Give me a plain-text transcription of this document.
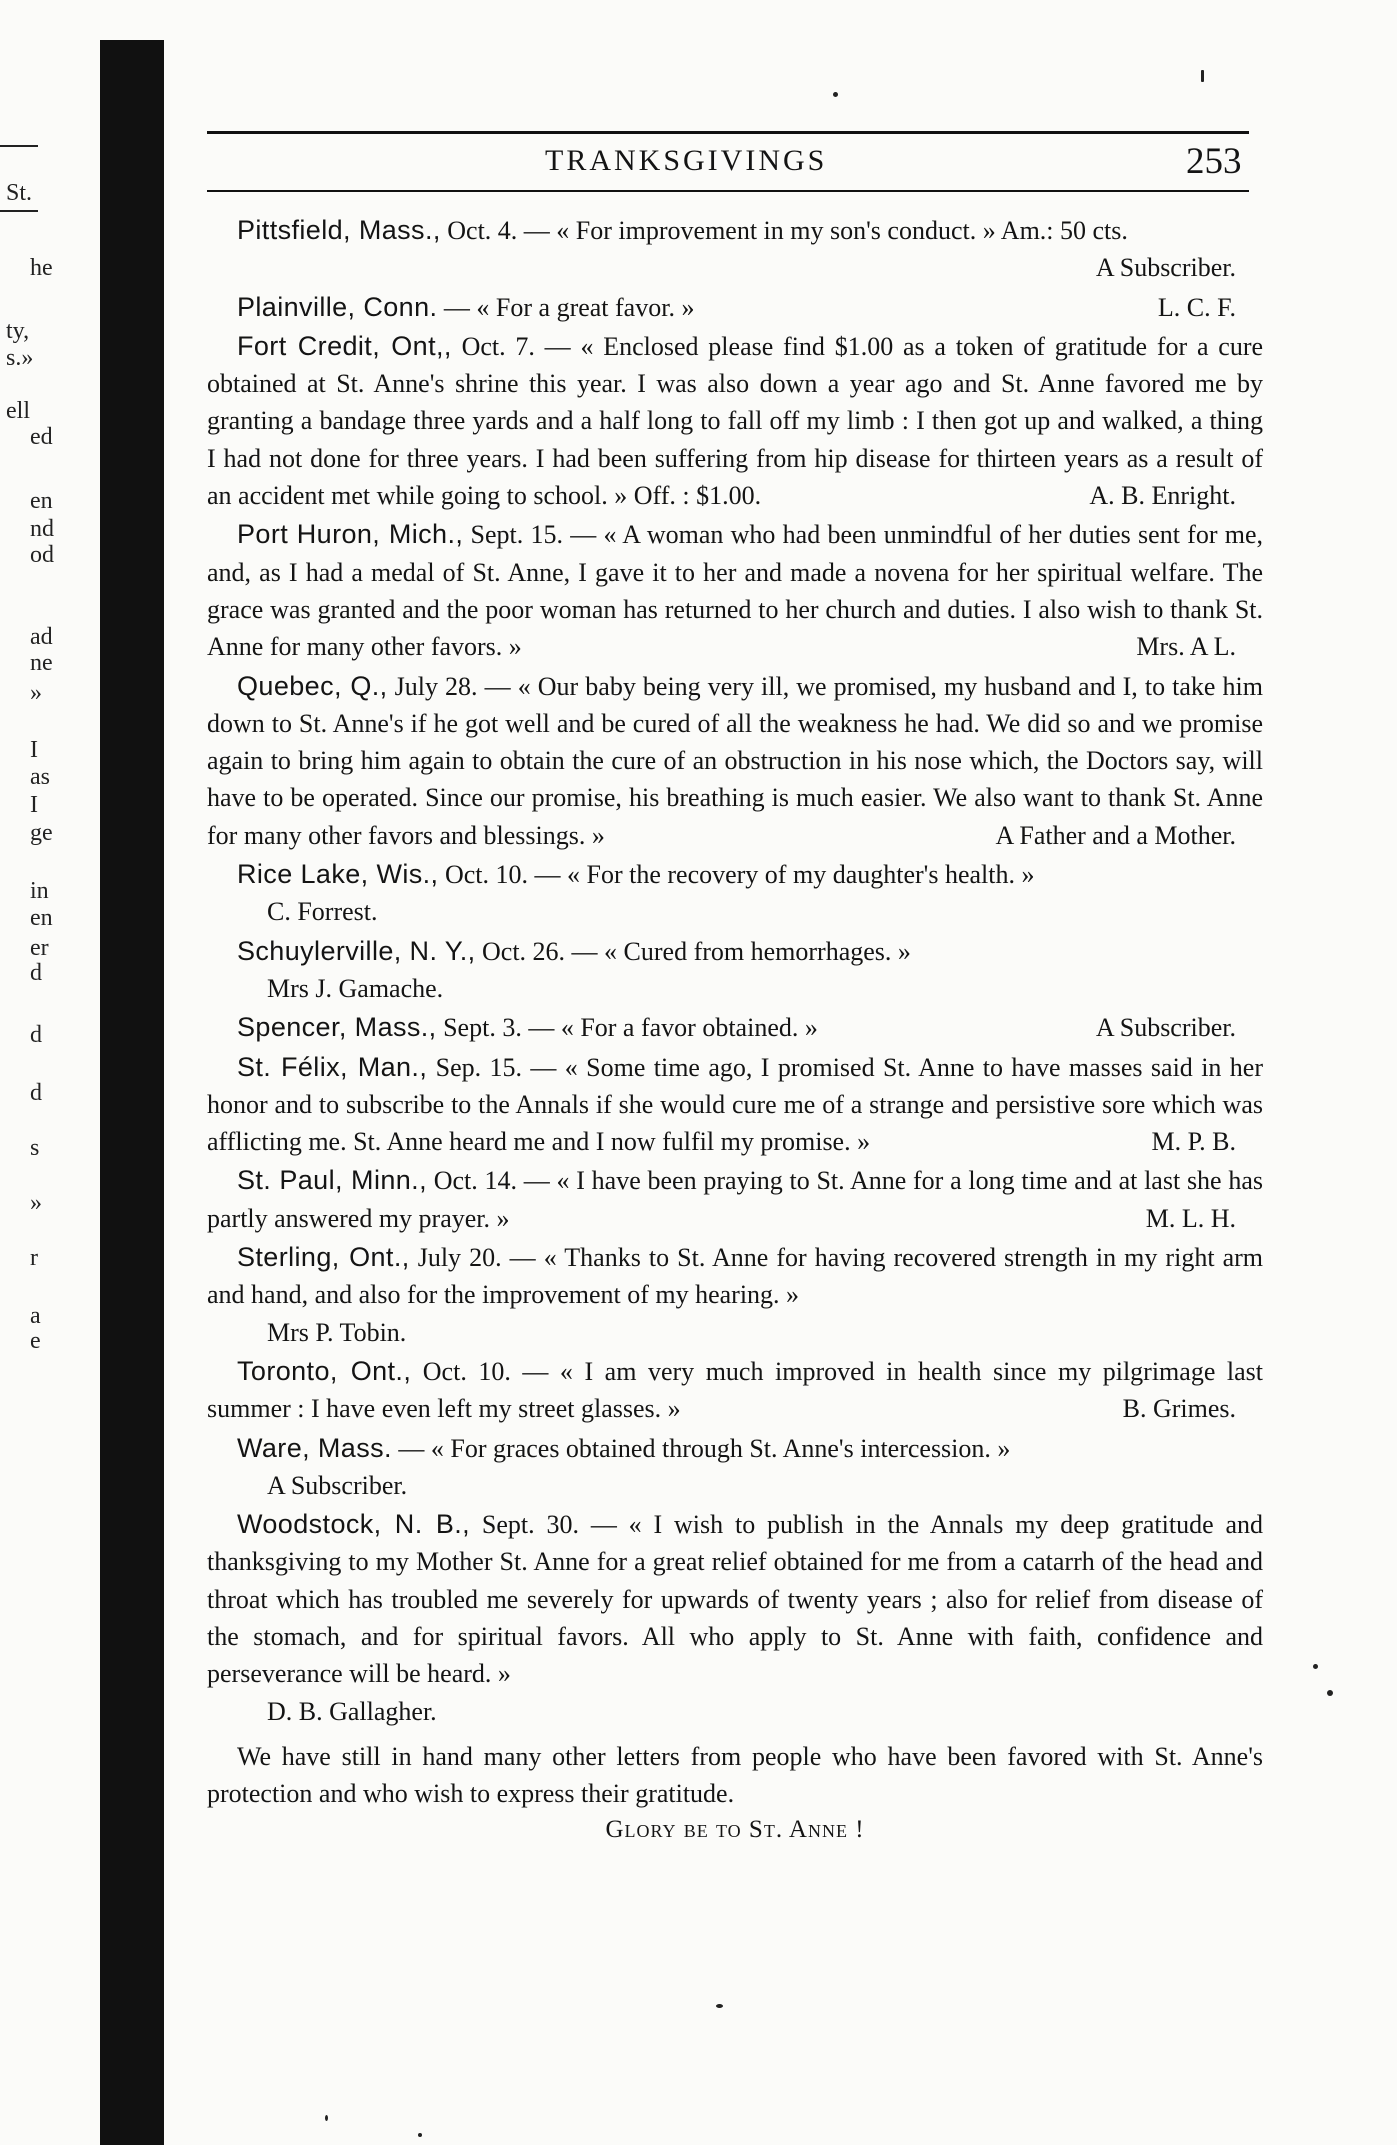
St.
he
ty,
s.»
ell
ed
en
nd
od
ad
ne
»
I
as
I
ge
in
en
er
d
d
d
s
»
r
a
e
TRANKSGIVINGS	253

Pittsfield, Mass., Oct. 4. — « For improvement in my son's conduct. » Am.: 50 cts.
A Subscriber.

Plainville, Conn. — « For a great favor. »	L. C. F.

Fort Credit, Ont,, Oct. 7. — « Enclosed please find $1.00 as a token of gratitude for a cure obtained at St. Anne's shrine this year. I was also down a year ago and St. Anne favored me by granting a bandage three yards and a half long to fall off my limb : I then got up and walked, a thing I had not done for three years. I had been suffering from hip disease for thirteen years as a result of an accident met while going to school. » Off. : $1.00.	A. B. Enright.

Port Huron, Mich., Sept. 15. — « A woman who had been unmindful of her duties sent for me, and, as I had a medal of St. Anne, I gave it to her and made a novena for her spiritual welfare. The grace was granted and the poor woman has returned to her church and duties. I also wish to thank St. Anne for many other favors. »	Mrs. A L.

Quebec, Q., July 28. — « Our baby being very ill, we promised, my husband and I, to take him down to St. Anne's if he got well and be cured of all the weakness he had. We did so and we promise again to bring him again to obtain the cure of an obstruction in his nose which, the Doctors say, will have to be operated. Since our promise, his breathing is much easier. We also want to thank St. Anne for many other favors and blessings. »	A Father and a Mother.

Rice Lake, Wis., Oct. 10. — « For the recovery of my daughter's health. »
C. Forrest.

Schuylerville, N. Y., Oct. 26. — « Cured from hemorrhages. »
Mrs J. Gamache.

Spencer, Mass., Sept. 3. — « For a favor obtained. »	A Subscriber.

St. Félix, Man., Sep. 15. — « Some time ago, I promised St. Anne to have masses said in her honor and to subscribe to the Annals if she would cure me of a strange and persistive sore which was afflicting me. St. Anne heard me and I now fulfil my promise. »	M. P. B.

St. Paul, Minn., Oct. 14. — « I have been praying to St. Anne for a long time and at last she has partly answered my prayer. »	M. L. H.

Sterling, Ont., July 20. — « Thanks to St. Anne for having recovered strength in my right arm and hand, and also for the improvement of my hearing. »
Mrs P. Tobin.

Toronto, Ont., Oct. 10. — « I am very much improved in health since my pilgrimage last summer : I have even left my street glasses. »	B. Grimes.

Ware, Mass. — « For graces obtained through St. Anne's intercession. »
A Subscriber.

Woodstock, N. B., Sept. 30. — « I wish to publish in the Annals my deep gratitude and thanksgiving to my Mother St. Anne for a great relief obtained for me from a catarrh of the head and throat which has troubled me severely for upwards of twenty years ; also for relief from disease of the stomach, and for spiritual favors. All who apply to St. Anne with faith, confidence and perseverance will be heard. »
D. B. Gallagher.

We have still in hand many other letters from people who have been favored with St. Anne's protection and who wish to express their gratitude.

Glory be to St. Anne !
